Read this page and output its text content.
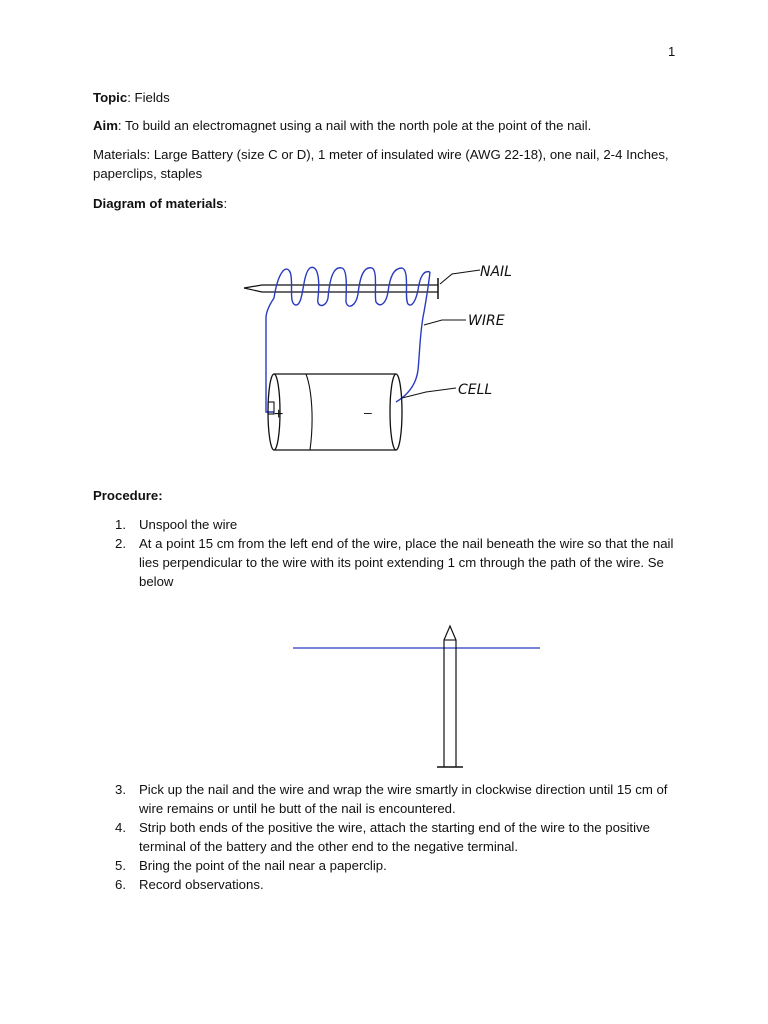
1
Topic: Fields
Aim: To build an electromagnet using a nail with the north pole at the point of the nail.
Materials: Large Battery (size C or D), 1 meter of insulated wire (AWG 22-18), one nail, 2-4 Inches, paperclips, staples
Diagram of materials:
+	–
NAIL
WIRE
CELL
Procedure:
1. Unspool the wire
2. At a point 15 cm from the left end of the wire, place the nail beneath the wire so that the nail lies perpendicular to the wire with its point extending 1 cm through the path of the wire. Se below
3. Pick up the nail and the wire and wrap the wire smartly in clockwise direction until 15 cm of wire remains or until he butt of the nail is encountered.
4. Strip both ends of the positive the wire, attach the starting end of the wire to the positive terminal of the battery and the other end to the negative terminal.
5. Bring the point of the nail near a paperclip.
6. Record observations.
